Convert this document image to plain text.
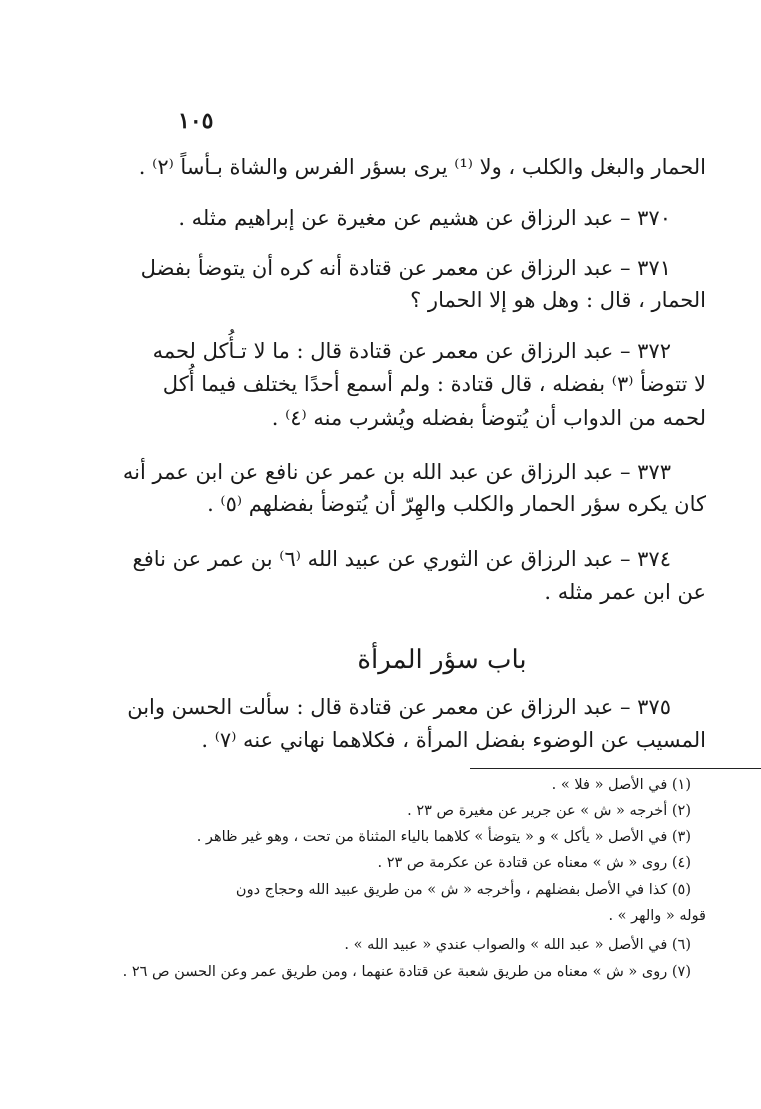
١٠٥
الحمار والبغل والكلب ، ولا ⁽¹⁾ يرى بسؤر الفرس والشاة بـأساً ⁽٢⁾ .
٣٧٠ – عبد الرزاق عن هشيم عن مغيرة عن إبراهيم مثله .
٣٧١ – عبد الرزاق عن معمر عن قتادة أنه كره أن يتوضأ بفضل
الحمار ، قال : وهل هو إلا الحمار ؟
٣٧٢ – عبد الرزاق عن معمر عن قتادة قال : ما لا تـأُكل لحمه
لا تتوضأ ⁽٣⁾ بفضله ، قال قتادة : ولم أسمع أحدًا يختلف فيما أُكل
لحمه من الدواب أن يُتوضأ بفضله ويُشرب منه ⁽٤⁾ .
٣٧٣ – عبد الرزاق عن عبد الله بن عمر عن نافع عن ابن عمر أنه
كان يكره سؤر الحمار والكلب والهِرّ أن يُتوضأ بفضلهم ⁽٥⁾ .
٣٧٤ – عبد الرزاق عن الثوري عن عبيد الله ⁽٦⁾ بن عمر عن نافع
عن ابن عمر مثله .
باب سؤر المرأة
٣٧٥ – عبد الرزاق عن معمر عن قتادة قال : سألت الحسن وابن
المسيب عن الوضوء بفضل المرأة ، فكلاهما نهاني عنه ⁽٧⁾ .
(١) في الأصل « فلا » .
(٢) أخرجه « ش » عن جرير عن مغيرة ص ٢٣ .
(٣) في الأصل « يأكل » و « يتوضأ » كلاهما بالياء المثناة من تحت ، وهو غير ظاهر .
(٤) روى « ش » معناه عن قتادة عن عكرمة ص ٢٣ .
(٥) كذا في الأصل بفضلهم ، وأخرجه « ش » من طريق عبيد الله وحجاج دون
قوله « والهر » .
(٦) في الأصل « عبد الله » والصواب عندي « عبيد الله » .
(٧) روى « ش » معناه من طريق شعبة عن قتادة عنهما ، ومن طريق عمر وعن الحسن ص ٢٦ .
